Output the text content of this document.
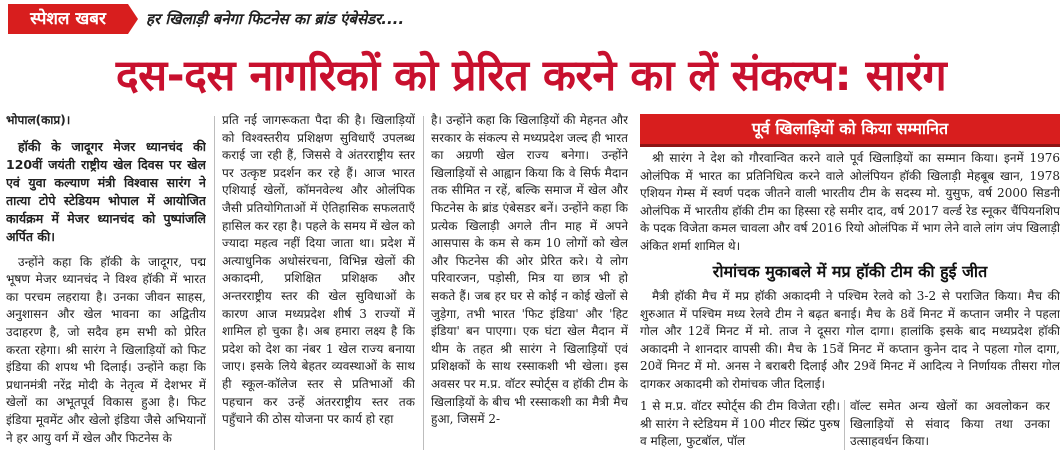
स्पेशल खबर	हर खिलाड़ी बनेगा फिटनेस का ब्रांड एंबेसेडर....
दस-दस नागरिकों को प्रेरित करने का लें संकल्प: सारंग

भोपाल(काप्र)।

हॉकी के जादूगर मेजर ध्यानचंद की 120वीं जयंती राष्ट्रीय खेल दिवस पर खेल एवं युवा कल्याण मंत्री विश्वास सारंग ने तात्या टोपे स्टेडियम भोपाल में आयोजित कार्यक्रम में मेजर ध्यानचंद को पुष्पांजलि अर्पित की।

उन्होंने कहा कि हॉकी के जादूगर, पद्म भूषण मेजर ध्यानचंद ने विश्व हॉकी में भारत का परचम लहराया है। उनका जीवन साहस, अनुशासन और खेल भावना का अद्वितीय उदाहरण है, जो सदैव हम सभी को प्रेरित करता रहेगा। श्री सारंग ने खिलाड़ियों को फिट इंडिया की शपथ भी दिलाई। उन्होंने कहा कि प्रधानमंत्री नरेंद्र मोदी के नेतृत्व में देशभर में खेलों का अभूतपूर्व विकास हुआ है। फिट इंडिया मूवमेंट और खेलो इंडिया जैसे अभियानों ने हर आयु वर्ग में खेल और फिटनेस के

प्रति नई जागरूकता पैदा की है। खिलाड़ियों को विश्वस्तरीय प्रशिक्षण सुविधाएँ उपलब्ध कराई जा रही हैं, जिससे वे अंतरराष्ट्रीय स्तर पर उत्कृष्ट प्रदर्शन कर रहे हैं। आज भारत एशियाई खेलों, कॉमनवेल्थ और ओलंपिक जैसी प्रतियोगिताओं में ऐतिहासिक सफलताएँ हासिल कर रहा है। पहले के समय में खेल को ज्यादा महत्व नहीं दिया जाता था। प्रदेश में अत्याधुनिक अधोसंरचना, विभिन्न खेलों की अकादमी, प्रशिक्षित प्रशिक्षक और अन्तरराष्ट्रीय स्तर की खेल सुविधाओं के कारण आज मध्यप्रदेश शीर्ष 3 राज्यों में शामिल हो चुका है। अब हमारा लक्ष्य है कि प्रदेश को देश का नंबर 1 खेल राज्य बनाया जाए। इसके लिये बेहतर व्यवस्थाओं के साथ ही स्कूल-कॉलेज स्तर से प्रतिभाओं की पहचान कर उन्हें अंतरराष्ट्रीय स्तर तक पहुँचाने की ठोस योजना पर कार्य हो रहा

है। उन्होंने कहा कि खिलाड़ियों की मेहनत और सरकार के संकल्प से मध्यप्रदेश जल्द ही भारत का अग्रणी खेल राज्य बनेगा। उन्होंने खिलाड़ियों से आह्वान किया कि वे सिर्फ मैदान तक सीमित न रहें, बल्कि समाज में खेल और फिटनेस के ब्रांड एंबेसडर बनें। उन्होंने कहा कि प्रत्येक खिलाड़ी अगले तीन माह में अपने आसपास के कम से कम 10 लोगों को खेल और फिटनेस की ओर प्रेरित करे। ये लोग परिवारजन, पड़ोसी, मित्र या छात्र भी हो सकते हैं। जब हर घर से कोई न कोई खेलों से जुड़ेगा, तभी भारत 'फिट इंडिया' और 'हिट इंडिया' बन पाएगा। एक घंटा खेल मैदान में थीम के तहत श्री सारंग ने खिलाड़ियों एवं प्रशिक्षकों के साथ रस्साकशी भी खेला। इस अवसर पर म.प्र. वॉटर स्पोर्ट्स व हॉकी टीम के खिलाड़ियों के बीच भी रस्साकशी का मैत्री मैच हुआ, जिसमें 2-

पूर्व खिलाड़ियों को किया सम्मानित

श्री सारंग ने देश को गौरवान्वित करने वाले पूर्व खिलाड़ियों का सम्मान किया। इनमें 1976 ओलंपिक में भारत का प्रतिनिधित्व करने वाले ओलंपियन हॉकी खिलाड़ी मेहबूब खान, 1978 एशियन गेम्स में स्वर्ण पदक जीतने वाली भारतीय टीम के सदस्य मो. युसुफ, वर्ष 2000 सिडनी ओलंपिक में भारतीय हॉकी टीम का हिस्सा रहे समीर दाद, वर्ष 2017 वर्ल्ड रेड स्नूकर चैंपियनशिप के पदक विजेता कमल चावला और वर्ष 2016 रियो ओलंपिक में भाग लेने वाले लांग जंप खिलाड़ी अंकित शर्मा शामिल थे।

रोमांचक मुकाबले में मप्र हॉकी टीम की हुई जीत

मैत्री हॉकी मैच में मप्र हॉकी अकादमी ने पश्चिम रेलवे को 3-2 से पराजित किया। मैच की शुरुआत में पश्चिम मध्य रेलवे टीम ने बढ़त बनाई। मैच के 8वें मिनट में कप्तान जमीर ने पहला गोल और 12वें मिनट में मो. ताज ने दूसरा गोल दागा। हालांकि इसके बाद मध्यप्रदेश हॉकी अकादमी ने शानदार वापसी की। मैच के 15वें मिनट में कप्तान कुनेन दाद ने पहला गोल दागा, 20वें मिनट में मो. अनस ने बराबरी दिलाई और 29वें मिनट में आदित्य ने निर्णायक तीसरा गोल दागकर अकादमी को रोमांचक जीत दिलाई।

1 से म.प्र. वॉटर स्पोर्ट्स की टीम विजेता रही। श्री सारंग ने स्टेडियम में 100 मीटर स्प्रिंट पुरुष व महिला, फुटबॉल, पॉल

वॉल्ट समेत अन्य खेलों का अवलोकन कर खिलाड़ियों से संवाद किया तथा उनका उत्साहवर्धन किया।
